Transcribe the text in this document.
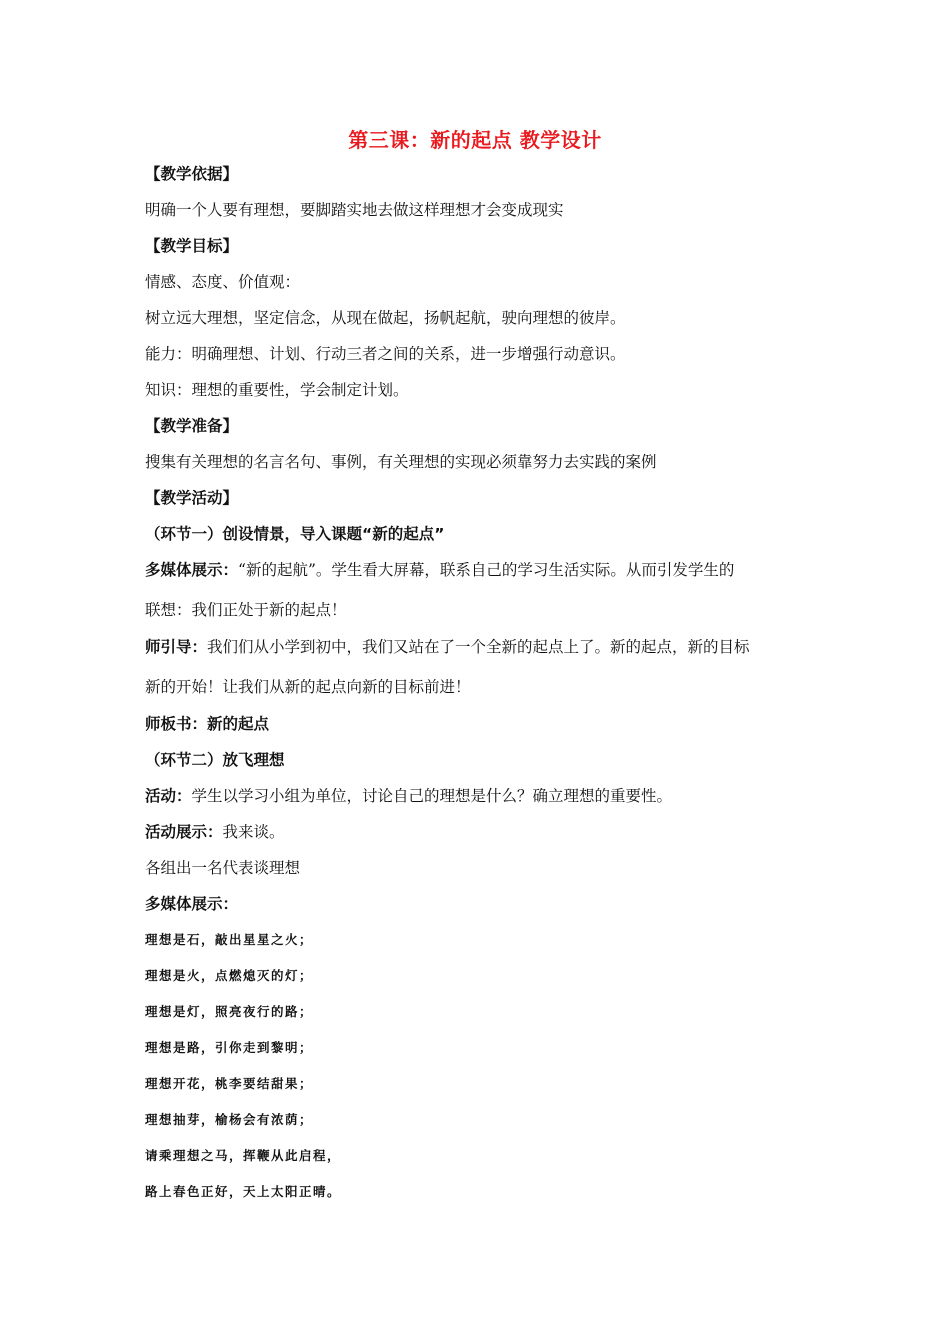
第三课：新的起点 教学设计
【教学依据】
明确一个人要有理想，要脚踏实地去做这样理想才会变成现实
【教学目标】
情感、态度、价值观：
树立远大理想，坚定信念，从现在做起，扬帆起航，驶向理想的彼岸。
能力：明确理想、计划、行动三者之间的关系，进一步增强行动意识。
知识：理想的重要性，学会制定计划。
【教学准备】
搜集有关理想的名言名句、事例，有关理想的实现必须靠努力去实践的案例
【教学活动】
（环节一）创设情景，导入课题“新的起点”
多媒体展示：“新的起航”。学生看大屏幕，联系自己的学习生活实际。从而引发学生的
联想：我们正处于新的起点！
师引导：我们们从小学到初中，我们又站在了一个全新的起点上了。新的起点，新的目标
新的开始！让我们从新的起点向新的目标前进！
师板书：新的起点
（环节二）放飞理想
活动：学生以学习小组为单位，讨论自己的理想是什么？确立理想的重要性。
活动展示：我来谈。
各组出一名代表谈理想
多媒体展示：
理想是石，敲出星星之火；
理想是火，点燃熄灭的灯；
理想是灯，照亮夜行的路；
理想是路，引你走到黎明；
理想开花，桃李要结甜果；
理想抽芽，榆杨会有浓荫；
请乘理想之马，挥鞭从此启程，
路上春色正好，天上太阳正晴。
